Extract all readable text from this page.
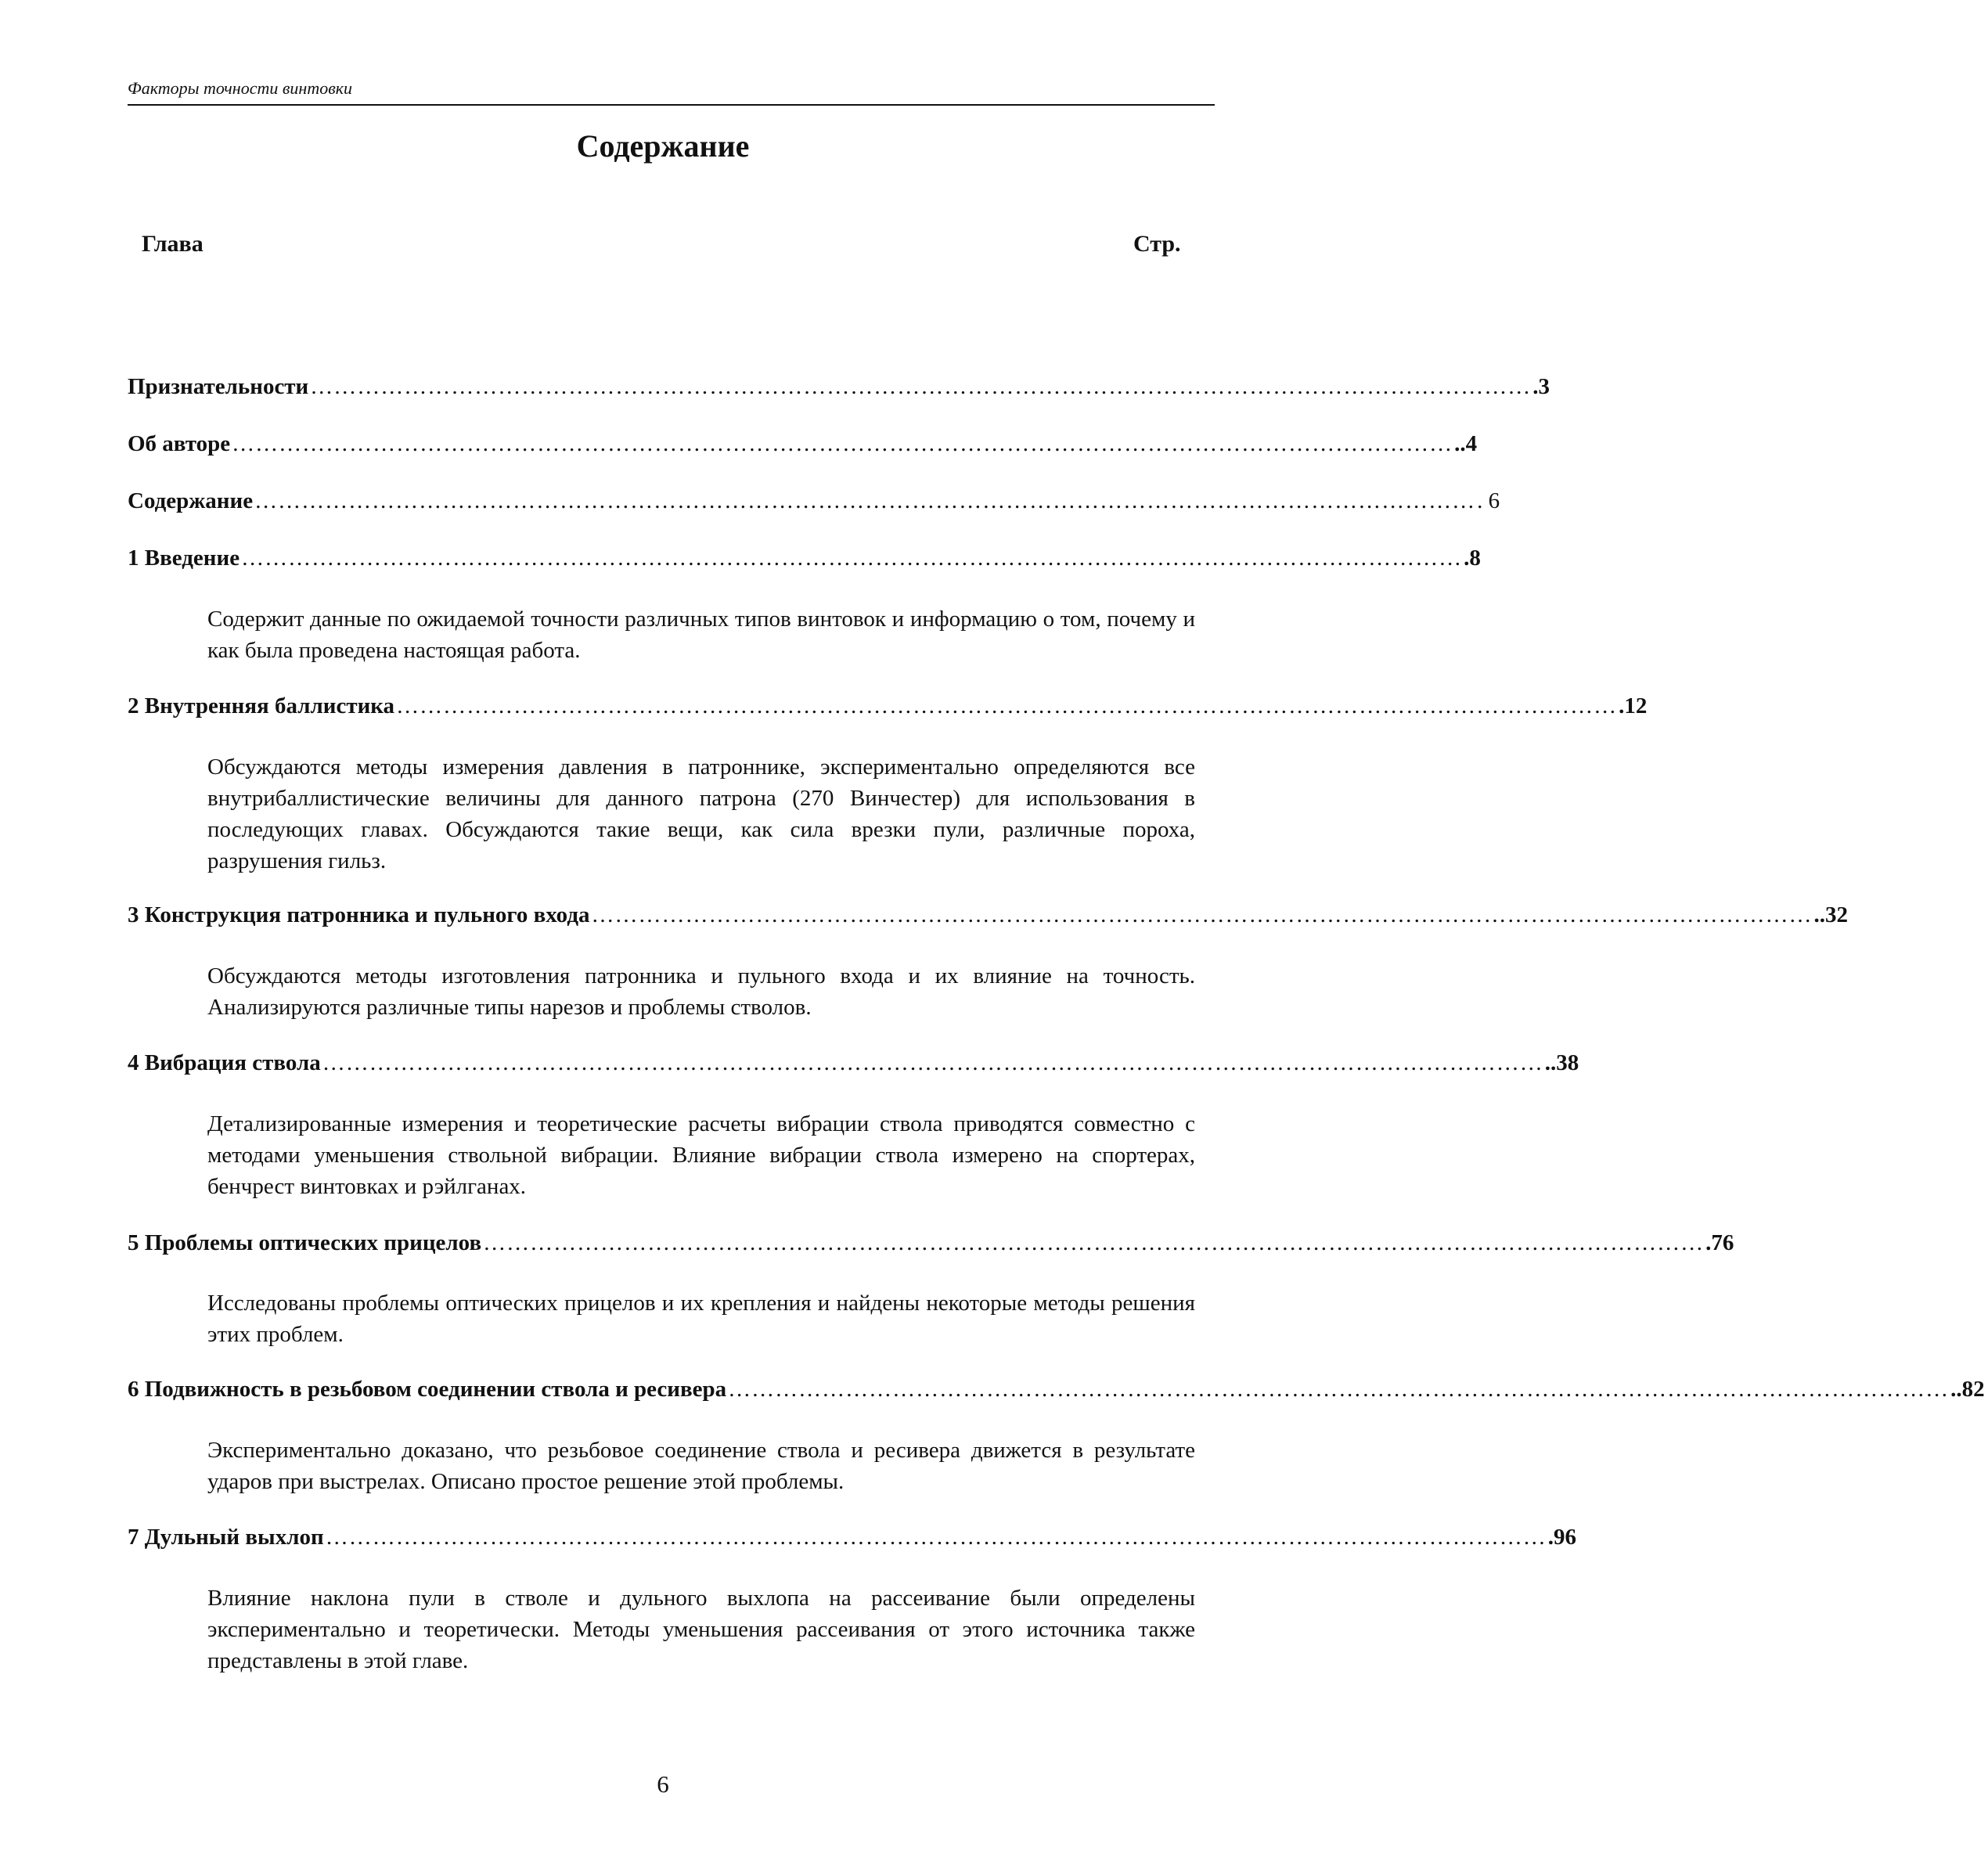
Факторы точности винтовки
Содержание
Глава	Стр.
Признательности ………………………………………………………………………………………………………………………………………… .3
Об авторе ………………………………………………………………………………………………………………………………………… ..4
Содержание ………………………………………………………………………………………………………………………………………… . 6
1 Введение ………………………………………………………………………………………………………………………………………… .8
Содержит данные по ожидаемой точности различных типов винтовок и информацию о том, почему и как была проведена настоящая работа.
2 Внутренняя баллистика ………………………………………………………………………………………………………………………………………… .12
Обсуждаются методы измерения давления в патроннике, экспериментально определяются все внутрибаллистические величины для данного патрона (270 Винчестер) для использования в последующих главах. Обсуждаются такие вещи, как сила врезки пули, различные пороха, разрушения гильз.
3 Конструкция патронника и пульного входа ………………………………………………………………………………………………………………………………………… ..32
Обсуждаются методы изготовления патронника и пульного входа и их влияние на точность. Анализируются различные типы нарезов и проблемы стволов.
4 Вибрация ствола ………………………………………………………………………………………………………………………………………… ..38
Детализированные измерения и теоретические расчеты вибрации ствола приводятся совместно с методами уменьшения ствольной вибрации. Влияние вибрации ствола измерено на спортерах, бенчрест винтовках и рэйлганах.
5 Проблемы оптических прицелов ………………………………………………………………………………………………………………………………………… .76
Исследованы проблемы оптических прицелов и их крепления и найдены некоторые методы решения этих проблем.
6 Подвижность в резьбовом соединении ствола и ресивера ………………………………………………………………………………………………………………………………………… ..82
Экспериментально доказано, что резьбовое соединение ствола и ресивера движется в результате ударов при выстрелах. Описано простое решение этой проблемы.
7 Дульный выхлоп ………………………………………………………………………………………………………………………………………… .96
Влияние наклона пули в стволе и дульного выхлопа на рассеивание были определены экспериментально и теоретически. Методы уменьшения рассеивания от этого источника также представлены в этой главе.
6
